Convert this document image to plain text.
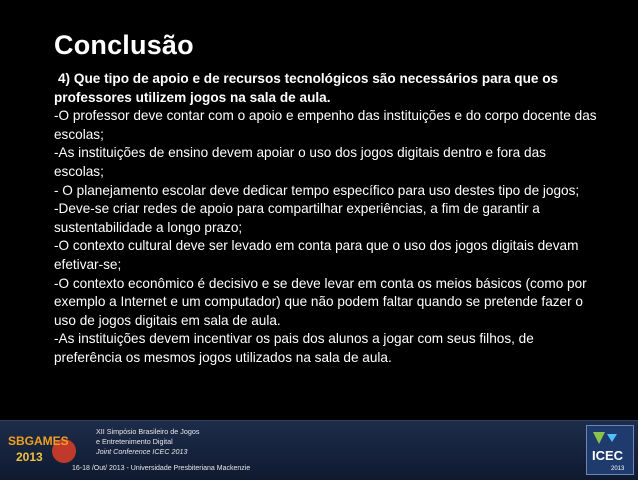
Conclusão

4) Que tipo de apoio e de recursos tecnológicos são necessários para que os professores utilizem jogos na sala de aula.

-O professor deve contar com o apoio e empenho das instituições e do corpo docente das escolas;

-As instituições de ensino devem apoiar o uso dos jogos digitais dentro e fora das escolas;

- O planejamento escolar deve dedicar tempo específico para uso destes tipo de jogos;

-Deve-se criar redes de apoio para compartilhar experiências, a fim de garantir a sustentabilidade a longo prazo;

-O contexto cultural deve ser levado em conta para que o uso dos jogos digitais devam efetivar-se;

-O contexto econômico é decisivo e se deve levar em conta os meios básicos (como por exemplo a Internet e um computador) que não podem faltar quando se pretende fazer o uso de jogos digitais em sala de aula.

-As instituições devem incentivar os pais dos alunos a jogar com seus filhos, de preferência os mesmos jogos utilizados na sala de aula.

SBGAMES
2013
XII Simpósio Brasileiro de Jogos
e Entretenimento Digital
Joint Conference ICEC 2013
16-18 /Out/ 2013 - Universidade Presbiteriana Mackenzie
ICEC
2013
